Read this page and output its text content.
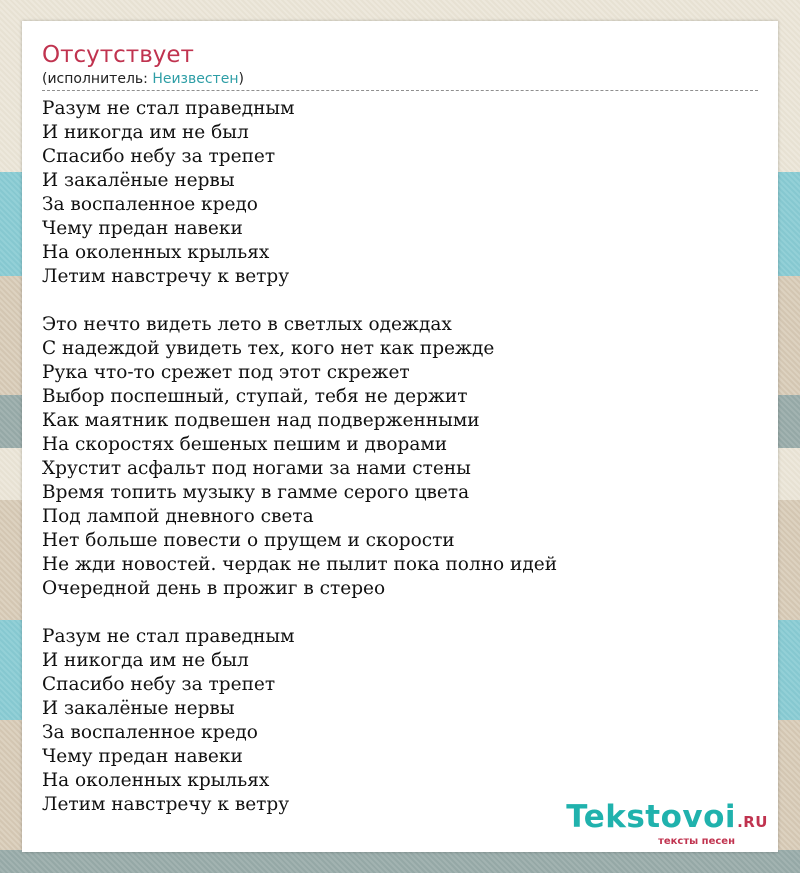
Отсутствует
(исполнитель: Неизвестен)
Разум не стал праведным
И никогда им не был
Спасибо небу за трепет
И закалёные нервы
За воспаленное кредо
Чему предан навеки
На околенных крыльях
Летим навстречу к ветру
Это нечто видеть лето в светлых одеждах
С надеждой увидеть тех, кого нет как прежде
Рука что-то срежет под этот скрежет
Выбор поспешный, ступай, тебя не держит
Как маятник подвешен над подверженными
На скоростях бешеных пешим и дворами
Хрустит асфальт под ногами за нами стены
Время топить музыку в гамме серого цвета
Под лампой дневного света
Нет больше повести о прущем и скорости
Не жди новостей. чердак не пылит пока полно идей
Очередной день в прожиг в стерео
Разум не стал праведным
И никогда им не был
Спасибо небу за трепет
И закалёные нервы
За воспаленное кредо
Чему предан навеки
На околенных крыльях
Летим навстречу к ветру	Tekstovoi.RU
тексты песен
